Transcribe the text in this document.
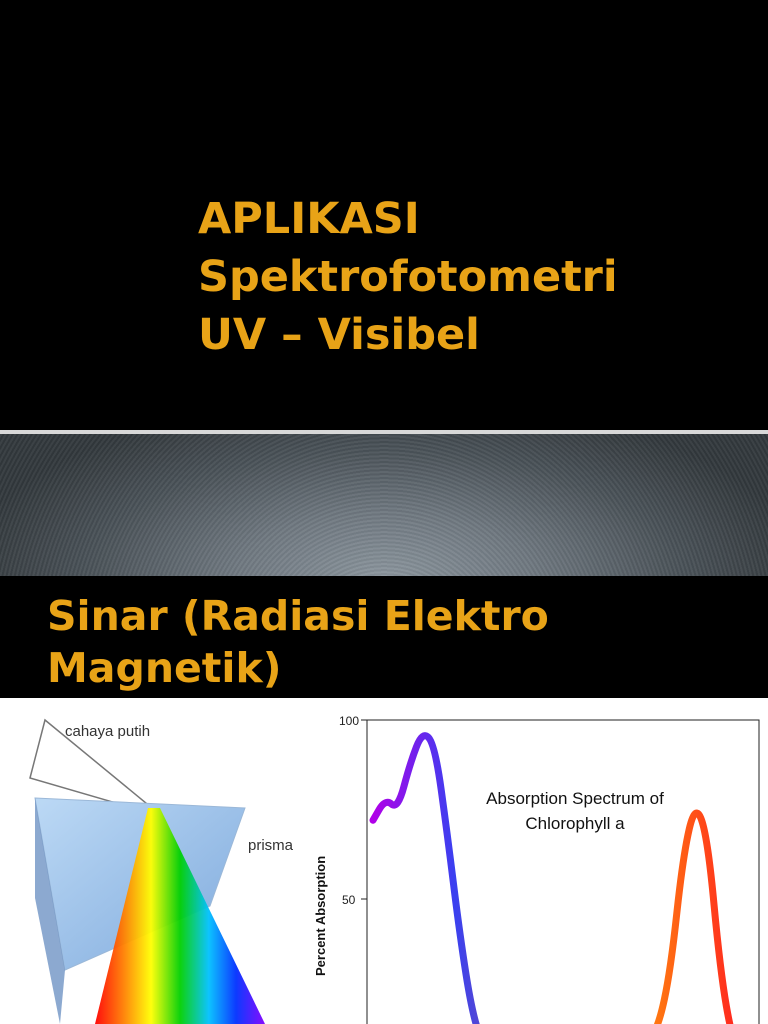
APLIKASI
Spektrofotometri
UV – Visibel
Sinar (Radiasi Elektro
Magnetik)
cahaya putih
prisma
100
50
Percent Absorption
Absorption Spectrum of
Chlorophyll a
